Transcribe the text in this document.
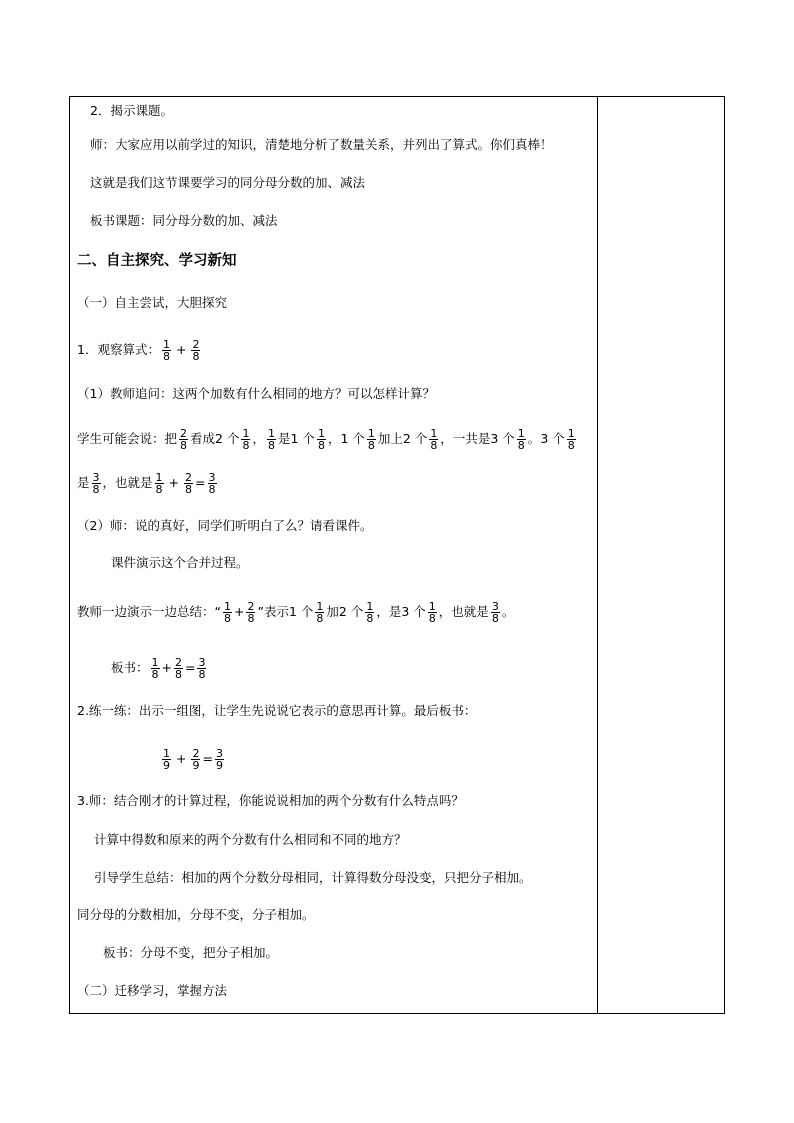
2．揭示课题。
师：大家应用以前学过的知识，清楚地分析了数量关系，并列出了算式。你们真棒！
这就是我们这节课要学习的同分母分数的加、减法
板书课题：同分母分数的加、减法
二、自主探究、学习新知
（一）自主尝试，大胆探究
1．观察算式： $\frac{1}{8} + \frac{2}{8}$
（1）教师追问：这两个加数有什么相同的地方？可以怎样计算？
学生可能会说：把 $\frac{2}{8}$ 看成2 个 $\frac{1}{8}$ ， $\frac{1}{8}$ 是1 个 $\frac{1}{8}$ ，1 个 $\frac{1}{8}$ 加上2 个 $\frac{1}{8}$ ，一共是3 个 $\frac{1}{8}$ 。3 个 $\frac{1}{8}$
是 $\frac{3}{8}$ ，也就是 $\frac{1}{8} + \frac{2}{8} = \frac{3}{8}$
（2）师：说的真好，同学们听明白了么？请看课件。
课件演示这个合并过程。
教师一边演示一边总结：“ $\frac{1}{8} + \frac{2}{8}$ ”表示1 个 $\frac{1}{8}$ 加2 个 $\frac{1}{8}$ ，是3 个 $\frac{1}{8}$ ，也就是 $\frac{3}{8}$ 。
板书： $\frac{1}{8} + \frac{2}{8} = \frac{3}{8}$
2.练一练：出示一组图，让学生先说说它表示的意思再计算。最后板书：
$\frac{1}{9} + \frac{2}{9} = \frac{3}{9}$
3.师：结合刚才的计算过程，你能说说相加的两个分数有什么特点吗？
计算中得数和原来的两个分数有什么相同和不同的地方？
引导学生总结：相加的两个分数分母相同，计算得数分母没变，只把分子相加。
同分母的分数相加，分母不变，分子相加。
板书：分母不变，把分子相加。
（二）迁移学习，掌握方法
